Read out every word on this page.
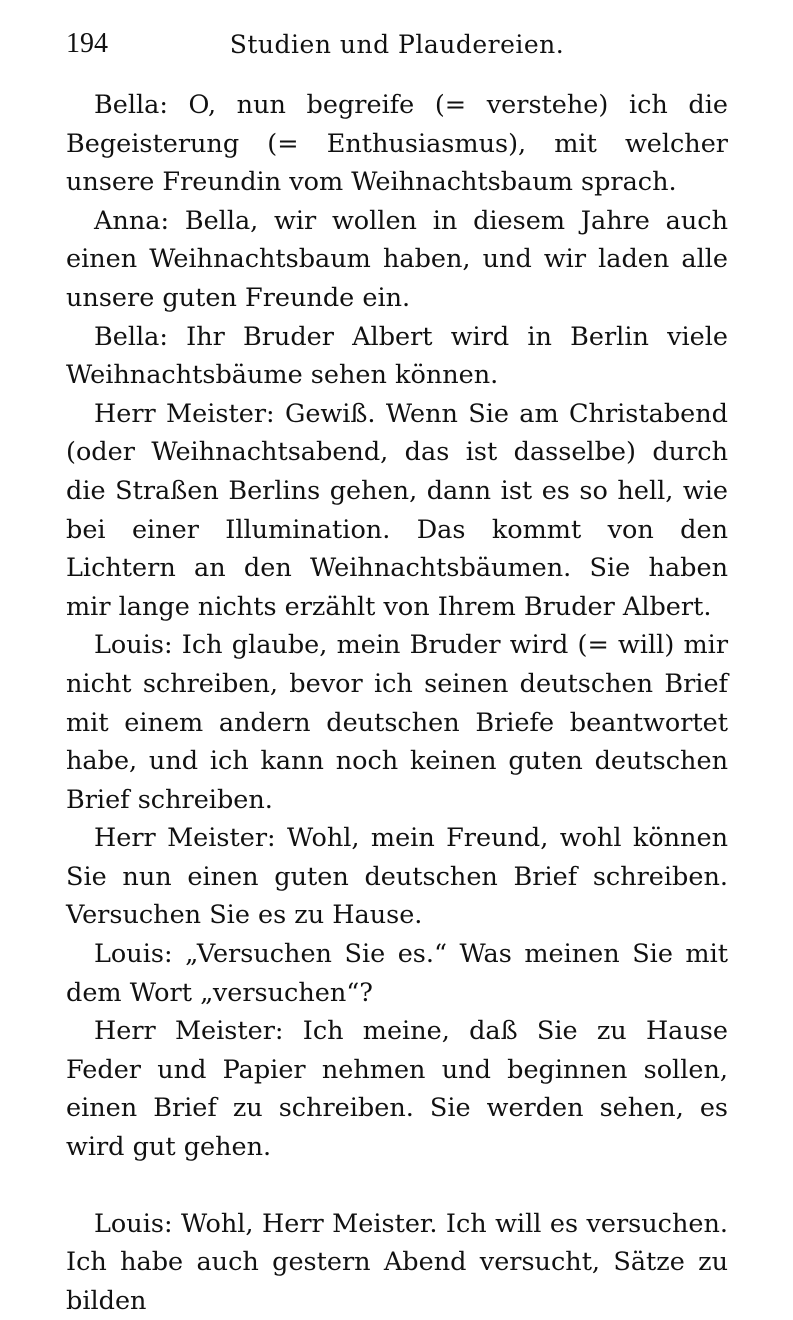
194	Studien und Plaudereien.

Bella: O, nun begreife (= verstehe) ich die Begeisterung (= Enthusiasmus), mit welcher unsere Freundin vom Weihnachtsbaum sprach.

Anna: Bella, wir wollen in diesem Jahre auch einen Weihnachtsbaum haben, und wir laden alle unsere guten Freunde ein.

Bella: Ihr Bruder Albert wird in Berlin viele Weihnachtsbäume sehen können.

Herr Meister: Gewiß. Wenn Sie am Christabend (oder Weihnachtsabend, das ist dasselbe) durch die Straßen Berlins gehen, dann ist es so hell, wie bei einer Illumination. Das kommt von den Lichtern an den Weihnachtsbäumen. Sie haben mir lange nichts erzählt von Ihrem Bruder Albert.

Louis: Ich glaube, mein Bruder wird (= will) mir nicht schreiben, bevor ich seinen deutschen Brief mit einem andern deutschen Briefe beantwortet habe, und ich kann noch keinen guten deutschen Brief schreiben.

Herr Meister: Wohl, mein Freund, wohl können Sie nun einen guten deutschen Brief schreiben. Versuchen Sie es zu Hause.

Louis: „Versuchen Sie es.“ Was meinen Sie mit dem Wort „versuchen“?

Herr Meister: Ich meine, daß Sie zu Hause Feder und Papier nehmen und beginnen sollen, einen Brief zu schreiben. Sie werden sehen, es wird gut gehen.

Louis: Wohl, Herr Meister. Ich will es versuchen. Ich habe auch gestern Abend versucht, Sätze zu bilden
